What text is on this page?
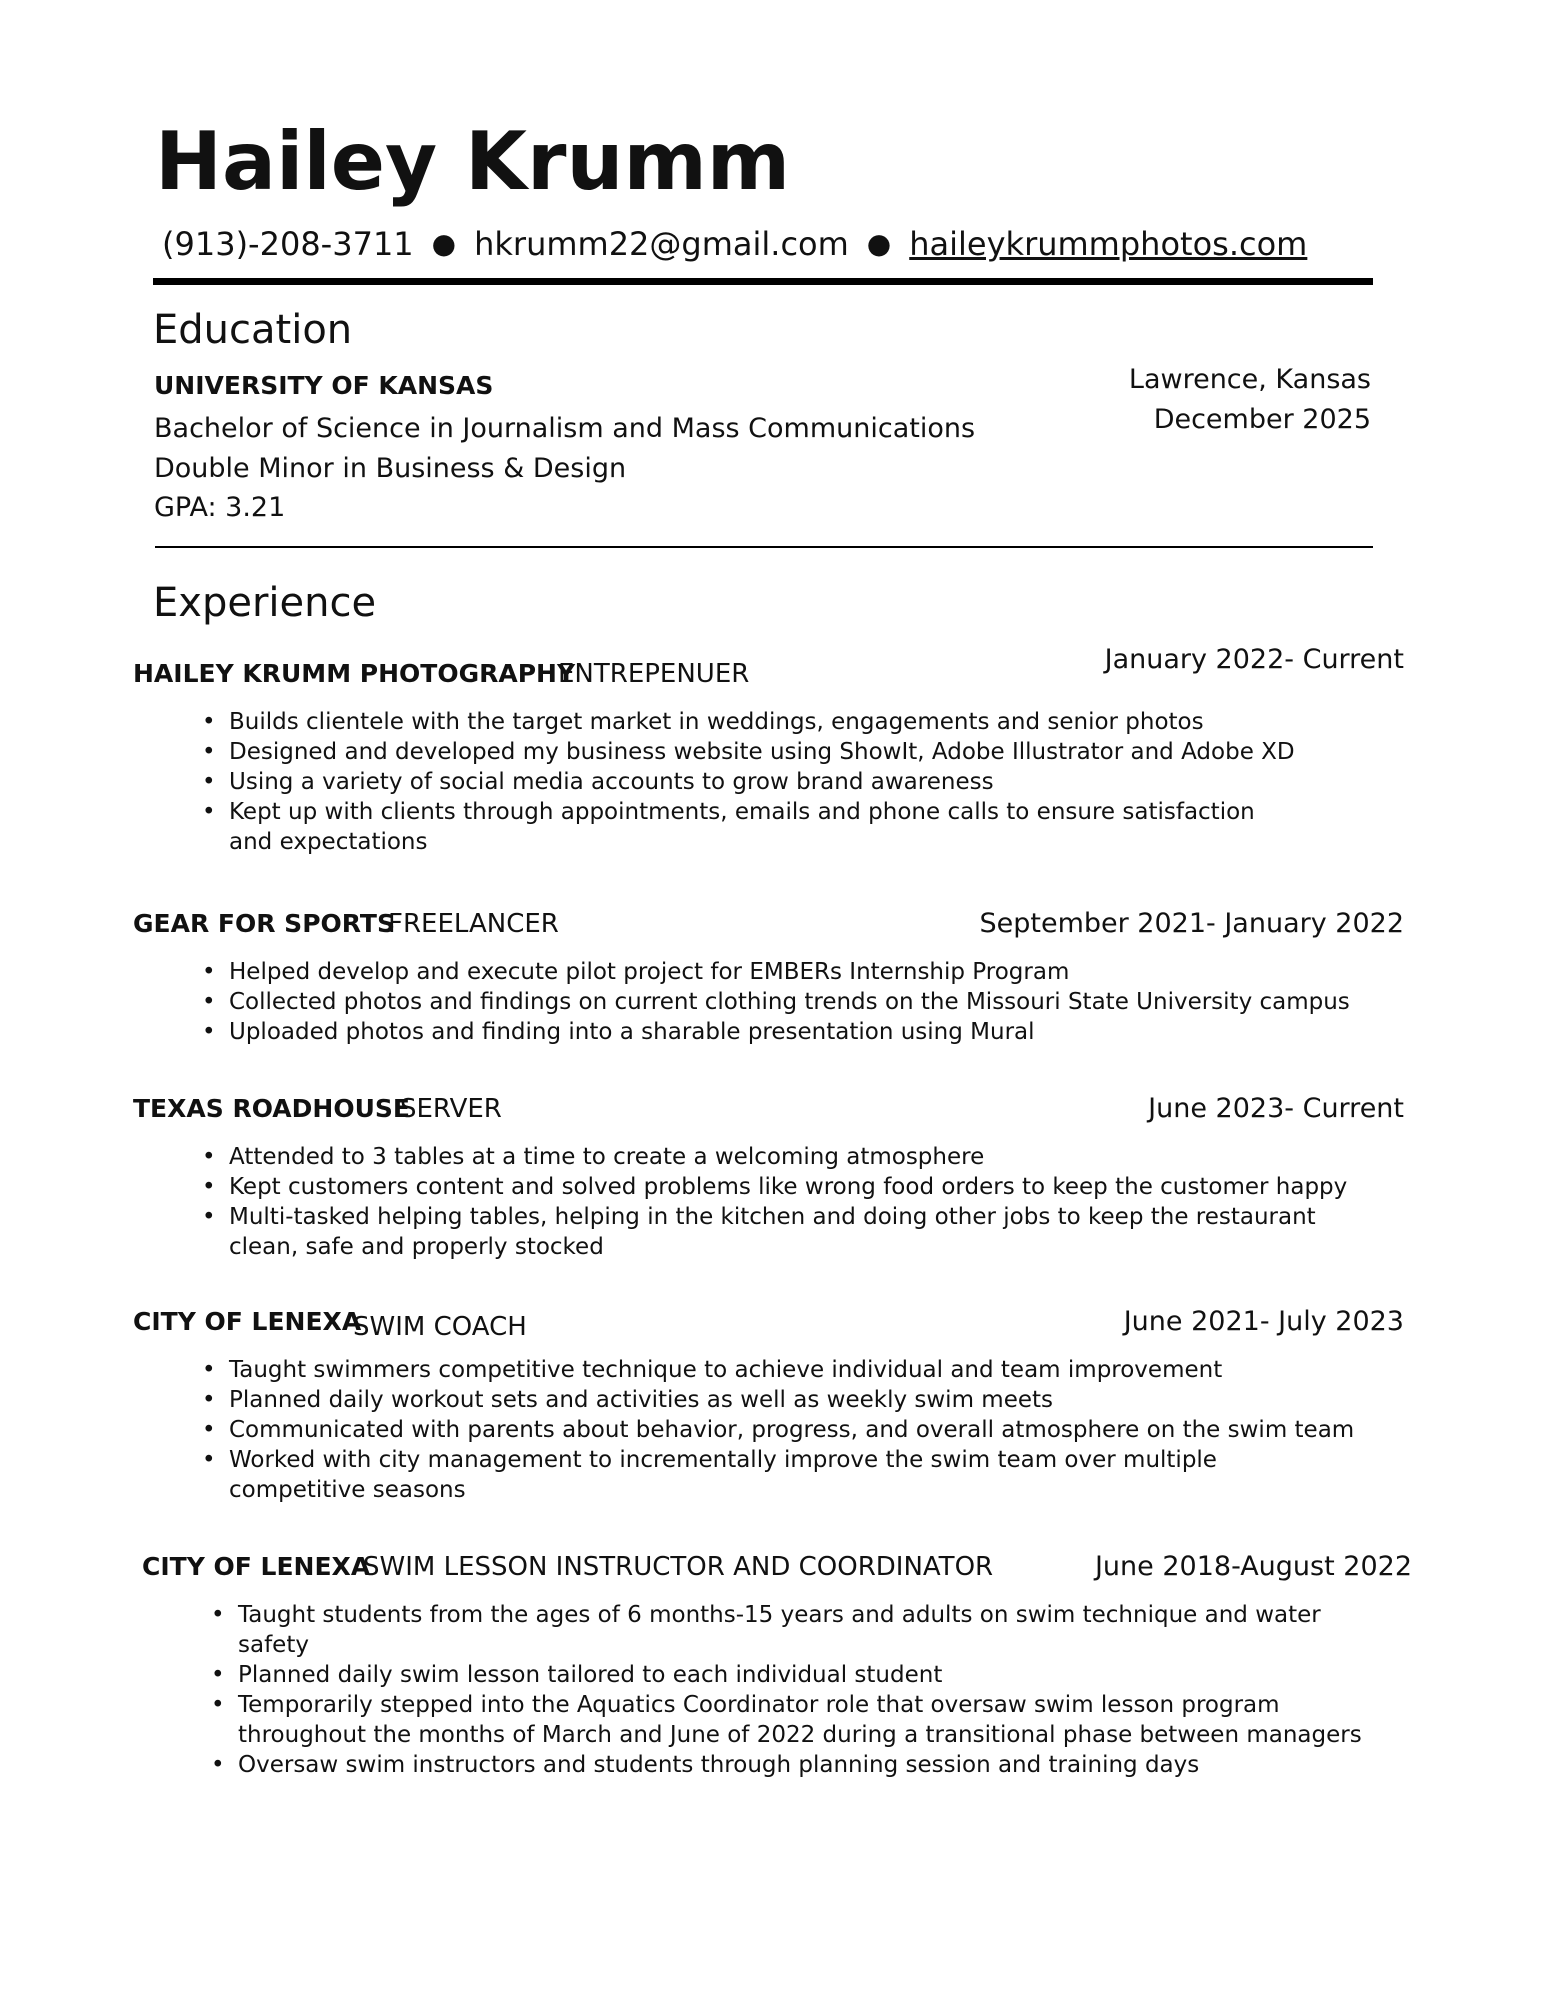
Hailey Krumm
(913)-208-3711 ● hkrumm22@gmail.com ● haileykrummphotos.com
Education
UNIVERSITY OF KANSAS
Bachelor of Science in Journalism and Mass Communications
Double Minor in Business & Design
GPA: 3.21
Lawrence, Kansas
December 2025
Experience
HAILEY KRUMM PHOTOGRAPHY
ENTREPENUER	January 2022- Current
• Builds clientele with the target market in weddings, engagements and senior photos
• Designed and developed my business website using ShowIt, Adobe Illustrator and Adobe XD
• Using a variety of social media accounts to grow brand awareness
• Kept up with clients through appointments, emails and phone calls to ensure satisfaction and expectations
GEAR FOR SPORTS
FREELANCER	September 2021- January 2022
• Helped develop and execute pilot project for EMBERs Internship Program
• Collected photos and findings on current clothing trends on the Missouri State University campus
• Uploaded photos and finding into a sharable presentation using Mural
TEXAS ROADHOUSE
SERVER	June 2023- Current
• Attended to 3 tables at a time to create a welcoming atmosphere
• Kept customers content and solved problems like wrong food orders to keep the customer happy
• Multi-tasked helping tables, helping in the kitchen and doing other jobs to keep the restaurant clean, safe and properly stocked
CITY OF LENEXA
SWIM COACH	June 2021- July 2023
• Taught swimmers competitive technique to achieve individual and team improvement
• Planned daily workout sets and activities as well as weekly swim meets
• Communicated with parents about behavior, progress, and overall atmosphere on the swim team
• Worked with city management to incrementally improve the swim team over multiple competitive seasons
CITY OF LENEXA
SWIM LESSON INSTRUCTOR AND COORDINATOR	June 2018-August 2022
• Taught students from the ages of 6 months-15 years and adults on swim technique and water safety
• Planned daily swim lesson tailored to each individual student
• Temporarily stepped into the Aquatics Coordinator role that oversaw swim lesson program throughout the months of March and June of 2022 during a transitional phase between managers
• Oversaw swim instructors and students through planning session and training days
